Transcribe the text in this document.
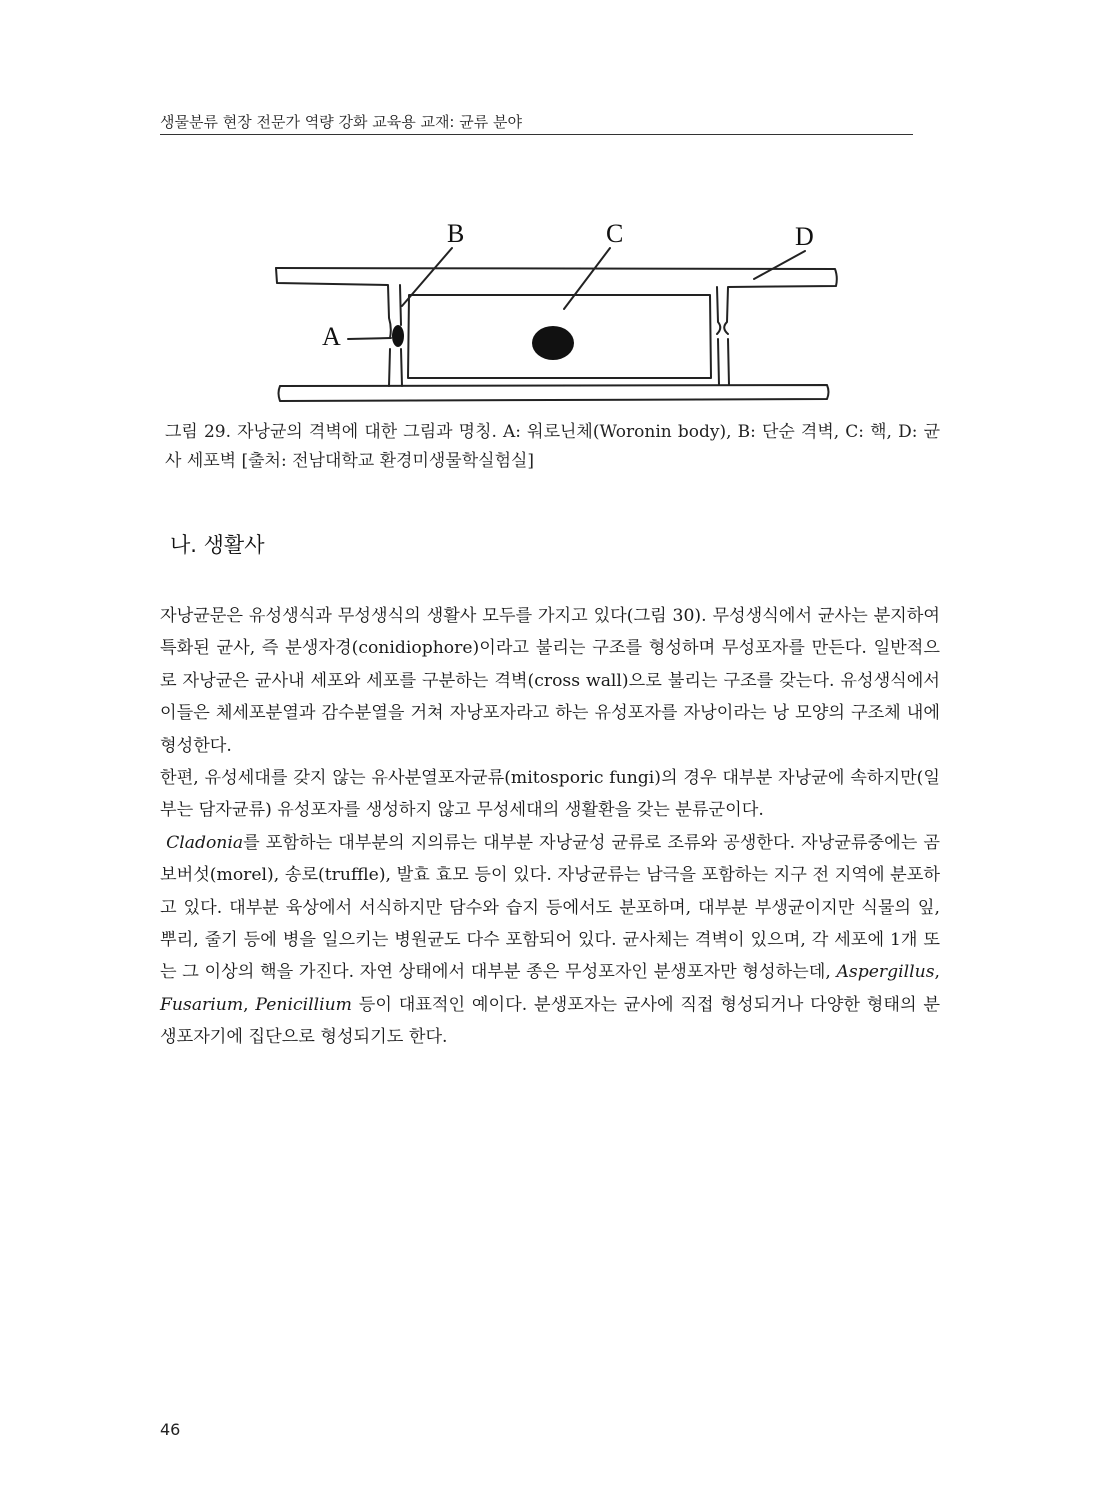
생물분류 현장 전문가 역량 강화 교육용 교재: 균류 분야
A
B	C	D
그림 29. 자낭균의 격벽에 대한 그림과 명칭. A: 워로닌체(Woronin body), B: 단순 격벽, C: 핵, D: 균사 세포벽 [출처: 전남대학교 환경미생물학실험실]
나. 생활사

자낭균문은 유성생식과 무성생식의 생활사 모두를 가지고 있다(그림 30). 무성생식에서 균사는 분지하여 특화된 균사, 즉 분생자경(conidiophore)이라고 불리는 구조를 형성하며 무성포자를 만든다. 일반적으로 자낭균은 균사내 세포와 세포를 구분하는 격벽(cross wall)으로 불리는 구조를 갖는다. 유성생식에서 이들은 체세포분열과 감수분열을 거쳐 자낭포자라고 하는 유성포자를 자낭이라는 낭 모양의 구조체 내에 형성한다.

한편, 유성세대를 갖지 않는 유사분열포자균류(mitosporic fungi)의 경우 대부분 자낭균에 속하지만(일부는 담자균류) 유성포자를 생성하지 않고 무성세대의 생활환을 갖는 분류군이다.

Cladonia를 포함하는 대부분의 지의류는 대부분 자낭균성 균류로 조류와 공생한다. 자낭균류중에는 곰보버섯(morel), 송로(truffle), 발효 효모 등이 있다. 자낭균류는 남극을 포함하는 지구 전 지역에 분포하고 있다. 대부분 육상에서 서식하지만 담수와 습지 등에서도 분포하며, 대부분 부생균이지만 식물의 잎, 뿌리, 줄기 등에 병을 일으키는 병원균도 다수 포함되어 있다. 균사체는 격벽이 있으며, 각 세포에 1개 또는 그 이상의 핵을 가진다. 자연 상태에서 대부분 종은 무성포자인 분생포자만 형성하는데, Aspergillus, Fusarium, Penicillium 등이 대표적인 예이다. 분생포자는 균사에 직접 형성되거나 다양한 형태의 분생포자기에 집단으로 형성되기도 한다.

46
